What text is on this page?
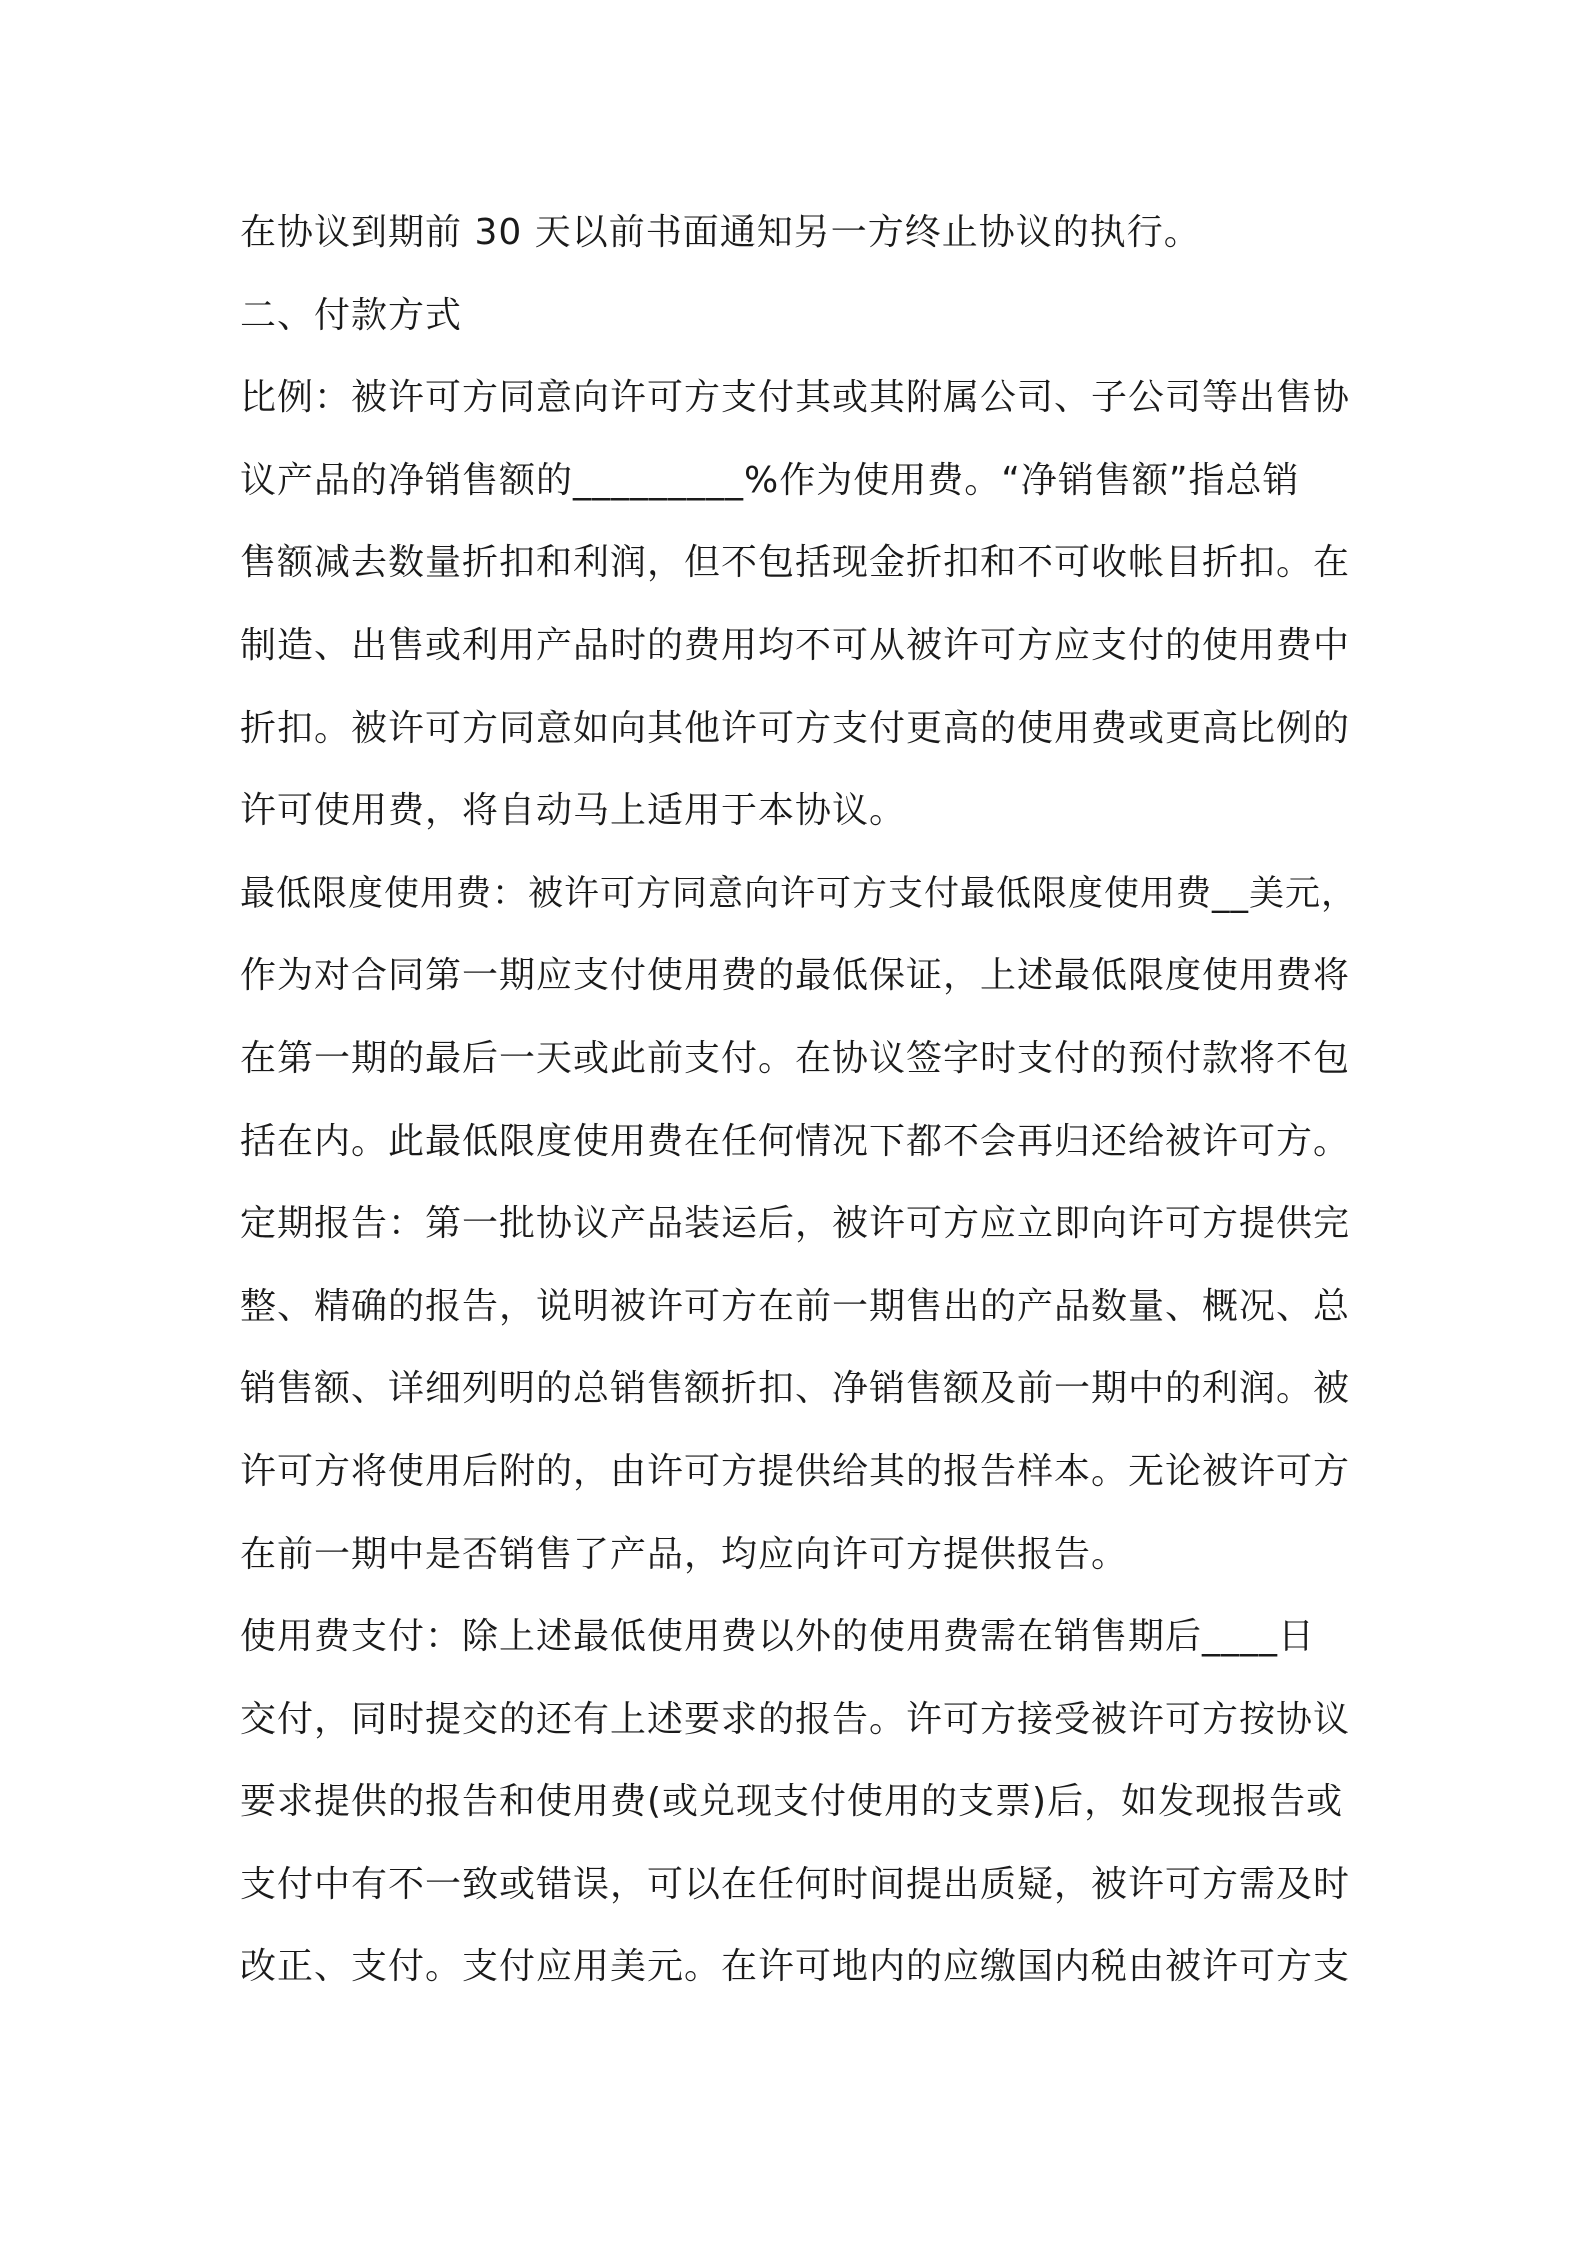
在协议到期前 30 天以前书面通知另一方终止协议的执行。
二、付款方式
比例：被许可方同意向许可方支付其或其附属公司、子公司等出售协
议产品的净销售额的_________%作为使用费。“净销售额”指总销
售额减去数量折扣和利润，但不包括现金折扣和不可收帐目折扣。在
制造、出售或利用产品时的费用均不可从被许可方应支付的使用费中
折扣。被许可方同意如向其他许可方支付更高的使用费或更高比例的
许可使用费，将自动马上适用于本协议。
最低限度使用费：被许可方同意向许可方支付最低限度使用费__美元，
作为对合同第一期应支付使用费的最低保证，上述最低限度使用费将
在第一期的最后一天或此前支付。在协议签字时支付的预付款将不包
括在内。此最低限度使用费在任何情况下都不会再归还给被许可方。
定期报告：第一批协议产品装运后，被许可方应立即向许可方提供完
整、精确的报告，说明被许可方在前一期售出的产品数量、概况、总
销售额、详细列明的总销售额折扣、净销售额及前一期中的利润。被
许可方将使用后附的，由许可方提供给其的报告样本。无论被许可方
在前一期中是否销售了产品，均应向许可方提供报告。
使用费支付：除上述最低使用费以外的使用费需在销售期后____日
交付，同时提交的还有上述要求的报告。许可方接受被许可方按协议
要求提供的报告和使用费(或兑现支付使用的支票)后，如发现报告或
支付中有不一致或错误，可以在任何时间提出质疑，被许可方需及时
改正、支付。支付应用美元。在许可地内的应缴国内税由被许可方支
